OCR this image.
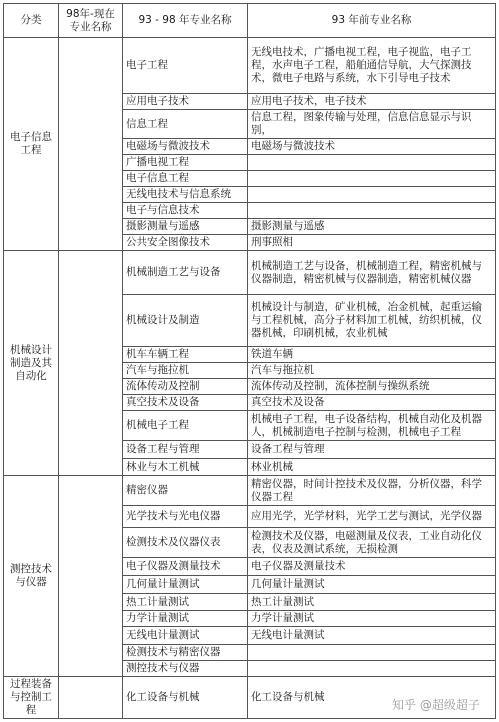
分类	98年-现在专业名称	93 - 98 年专业名称	93 年前专业名称
电子信息工程		电子工程	无线电技术，广播电视工程，电子视监，电子工程，水声电子工程，船舶通信导航，大气探测技术，微电子电路与系统，水下引导电子技术
		应用电子技术	应用电子技术，电子技术
		信息工程	信息工程，图象传输与处理，信息信息显示与识别，
		电磁场与微波技术	电磁场与微波技术
		广播电视工程	
		电子信息工程	
		无线电技术与信息系统	
		电子与信息技术	
		摄影测量与遥感	摄影测量与遥感
		公共安全图像技术	刑事照相
机械设计制造及其自动化		机械制造工艺与设备	机械制造工艺与设备，机械制造工程，精密机械与仪器制造，精密机械与仪器制造，精密机械仪器
		机械设计及制造	机械设计与制造，矿业机械，冶金机械，起重运输与工程机械，高分子材料加工机械，纺织机械，仪器机械，印刷机械，农业机械
		机车车辆工程	铁道车辆
		汽车与拖拉机	汽车与拖拉机
		流体传动及控制	流体传动及控制，流体控制与操纵系统
		真空技术及设备	真空技术及设备
		机械电子工程	机械电子工程，电子设备结构，机械自动化及机器人，机械制造电子控制与检测，机械电子工程
		设备工程与管理	设备工程与管理
		林业与木工机械	林业机械
测控技术与仪器		精密仪器	精密仪器，时间计控技术及仪器，分析仪器，科学仪器工程
		光学技术与光电仪器	应用光学，光学材料，光学工艺与测试，光学仪器
		检测技术及仪器仪表	检测技术及仪器，电磁测量及仪表，工业自动化仪表，仪表及测试系统，无损检测
		电子仪器及测量技术	电子仪器及测量技术
		几何量计量测试	几何量计量测试
		热工计量测试	热工计量测试
		力学计量测试	力学计量测试
		无线电计量测试	无线电计量测试
		检测技术与精密仪器	
		测控技术与仪器	
过程装备与控制工程		化工设备与机械	化工设备与机械
知乎 @超级超子
